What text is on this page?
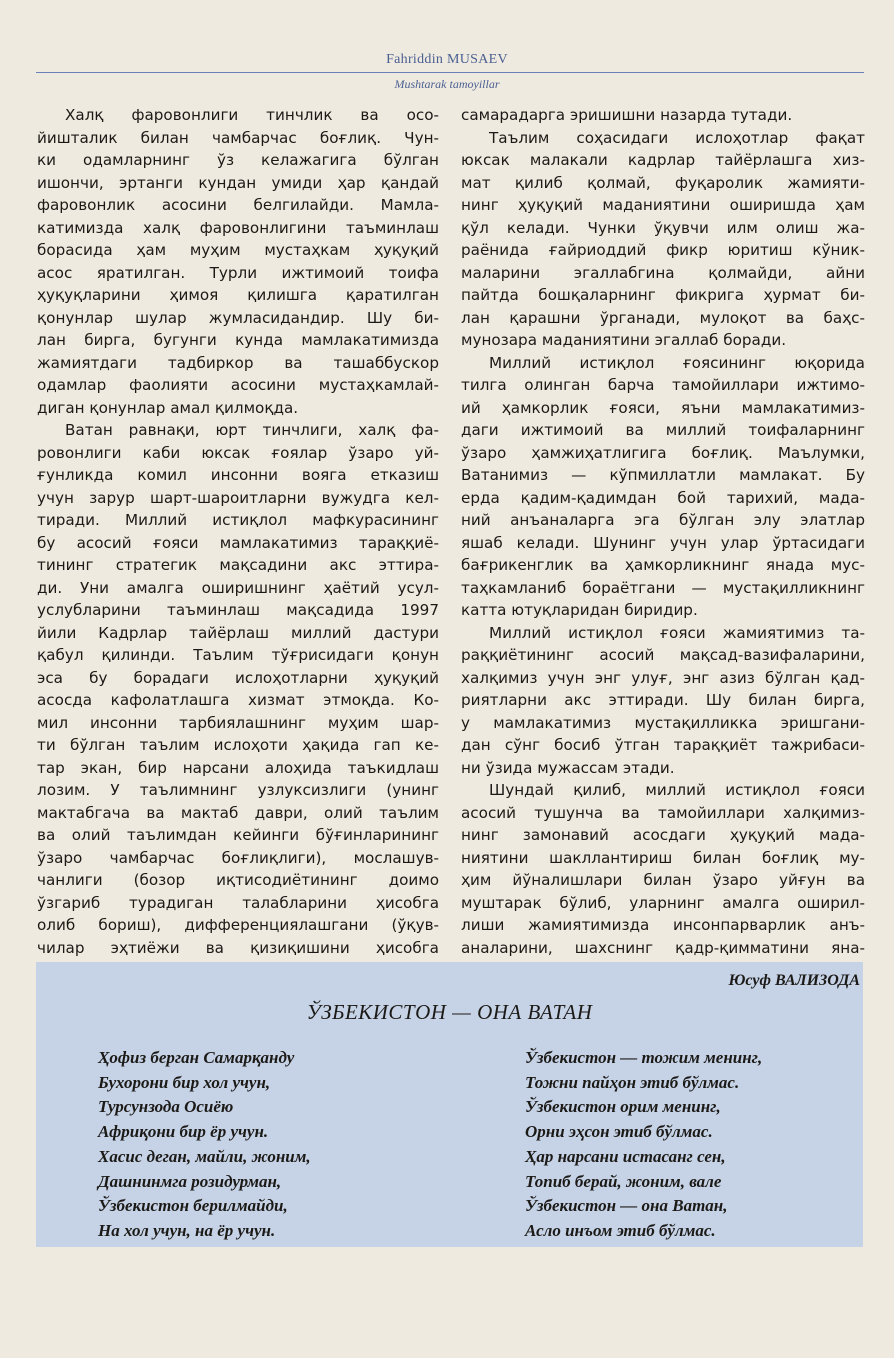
Fahriddin MUSAEV
Mushtarak tamoyillar
Халқ фаровонлиги тинчлик ва осо-
йишталик билан чамбарчас боғлиқ. Чун-
ки одамларнинг ўз келажагига бўлган
ишончи, эртанги кундан умиди ҳар қандай
фаровонлик асосини белгилайди. Мамла-
катимизда халқ фаровонлигини таъминлаш
борасида ҳам муҳим мустаҳкам ҳуқуқий
асос яратилган. Турли ижтимоий тоифа
ҳуқуқларини ҳимоя қилишга қаратилган
қонунлар шулар жумласидандир. Шу би-
лан бирга, бугунги кунда мамлакатимизда
жамиятдаги тадбиркор ва ташаббускор
одамлар фаолияти асосини мустаҳкамлай-
диган қонунлар амал қилмоқда.
Ватан равнақи, юрт тинчлиги, халқ фа-
ровонлиги каби юксак ғоялар ўзаро уй-
ғунликда комил инсонни вояга етказиш
учун зарур шарт-шароитларни вужудга кел-
тиради. Миллий истиқлол мафкурасининг
бу асосий ғояси мамлакатимиз тараққиё-
тининг стратегик мақсадини акс эттира-
ди. Уни амалга оширишнинг ҳаётий усул-
услубларини таъминлаш мақсадида 1997
йили Кадрлар тайёрлаш миллий дастури
қабул қилинди. Таълим тўғрисидаги қонун
эса бу борадаги ислоҳотларни ҳуқуқий
асосда кафолатлашга хизмат этмоқда. Ко-
мил инсонни тарбиялашнинг муҳим шар-
ти бўлган таълим ислоҳоти ҳақида гап ке-
тар экан, бир нарсани алоҳида таъкидлаш
лозим. У таълимнинг узлуксизлиги (унинг
мактабгача ва мактаб даври, олий таълим
ва олий таълимдан кейинги бўғинларининг
ўзаро чамбарчас боғлиқлиги), мослашув-
чанлиги (бозор иқтисодиётининг доимо
ўзгариб турадиган талабларини ҳисобга
олиб бориш), дифференциялашгани (ўқув-
чилар эҳтиёжи ва қизиқишини ҳисобга
самарадарга эришишни назарда тутади.
Таълим соҳасидаги ислоҳотлар фақат
юксак малакали кадрлар тайёрлашга хиз-
мат қилиб қолмай, фуқаролик жамияти-
нинг ҳуқуқий маданиятини оширишда ҳам
қўл келади. Чунки ўқувчи илм олиш жа-
раёнида ғайриоддий фикр юритиш кўник-
маларини эгаллабгина қолмайди, айни
пайтда бошқаларнинг фикрига ҳурмат би-
лан қарашни ўрганади, мулоқот ва баҳс-
мунозара маданиятини эгаллаб боради.
Миллий истиқлол ғоясининг юқорида
тилга олинган барча тамойиллари ижтимо-
ий ҳамкорлик ғояси, яъни мамлакатимиз-
даги ижтимоий ва миллий тоифаларнинг
ўзаро ҳамжиҳатлигига боғлиқ. Маълумки,
Ватанимиз — кўпмиллатли мамлакат. Бу
ерда қадим-қадимдан бой тарихий, мада-
ний анъаналарга эга бўлган элу элатлар
яшаб келади. Шунинг учун улар ўртасидаги
бағрикенглик ва ҳамкорликнинг янада мус-
таҳкамланиб бораётгани — мустақилликнинг
катта ютуқларидан биридир.
Миллий истиқлол ғояси жамиятимиз та-
раққиётининг асосий мақсад-вазифаларини,
халқимиз учун энг улуғ, энг азиз бўлган қад-
риятларни акс эттиради. Шу билан бирга,
у мамлакатимиз мустақилликка эришгани-
дан сўнг босиб ўтган тараққиёт тажрибаси-
ни ўзида мужассам этади.
Шундай қилиб, миллий истиқлол ғояси
асосий тушунча ва тамойиллари халқимиз-
нинг замонавий асосдаги ҳуқуқий мада-
ниятини шакллантириш билан боғлиқ му-
ҳим йўналишлари билан ўзаро уйғун ва
муштарак бўлиб, уларнинг амалга оширил-
лиши жамиятимизда инсонпарварлик анъ-
аналарини, шахснинг қадр-қимматини яна-
Юсуф ВАЛИЗОДА
ЎЗБЕКИСТОН — ОНА ВАТАН
Ҳофиз берган Самарқанду
Бухорони бир хол учун,
Турсунзода Осиёю
Африқони бир ёр учун.
Хасис деган, майли, жоним,
Дашнинмга розидурман,
Ўзбекистон берилмайди,
На хол учун, на ёр учун.
Ўзбекистон — тожим менинг,
Тожни пайҳон этиб бўлмас.
Ўзбекистон орим менинг,
Орни эҳсон этиб бўлмас.
Ҳар нарсани истасанг сен,
Топиб берай, жоним, вале
Ўзбекистон — она Ватан,
Асло инъом этиб бўлмас.
